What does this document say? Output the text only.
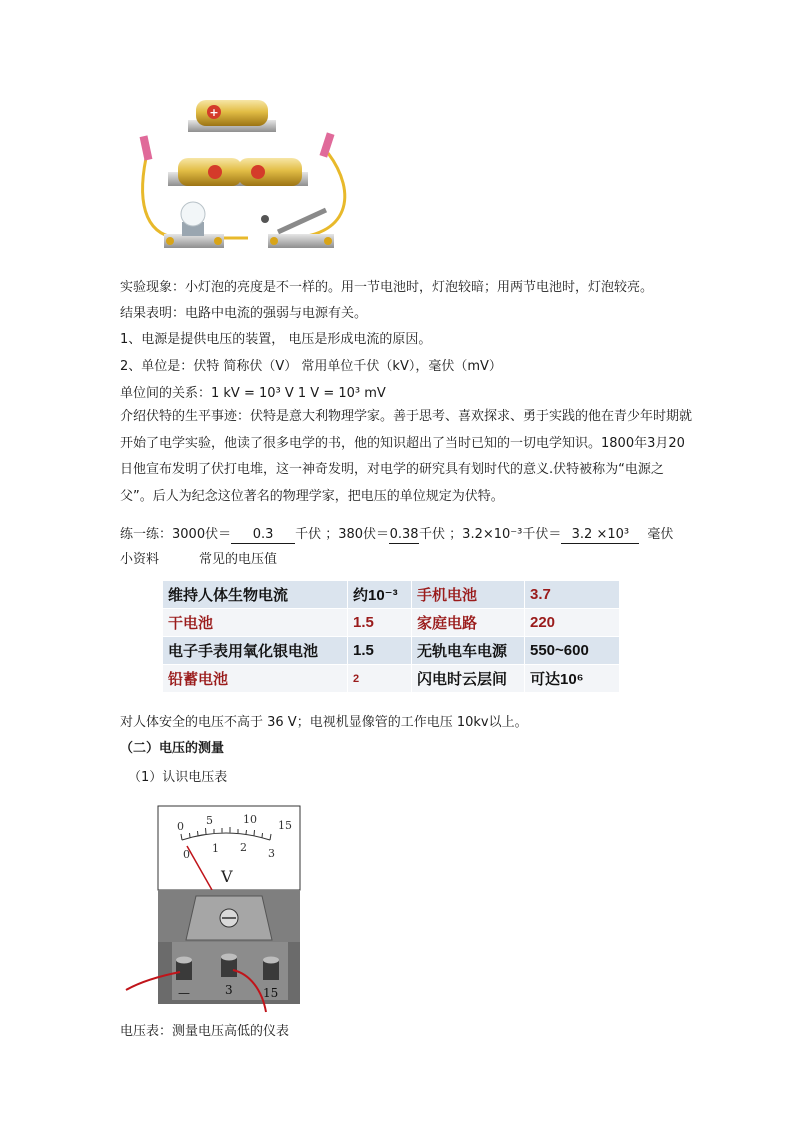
+
实验现象：小灯泡的亮度是不一样的。用一节电池时，灯泡较暗；用两节电池时，灯泡较亮。
结果表明：电路中电流的强弱与电源有关。
1、电源是提供电压的装置， 电压是形成电流的原因。
2、单位是：伏特 简称伏（V） 常用单位千伏（kV），毫伏（mV）
单位间的关系：1 kV = 10³ V 1 V = 10³ mV
介绍伏特的生平事迹：伏特是意大利物理学家。善于思考、喜欢探求、勇于实践的他在青少年时期就开始了电学实验，他读了很多电学的书，他的知识超出了当时已知的一切电学知识。1800年3月20日他宣布发明了伏打电堆，这一神奇发明，对电学的研究具有划时代的意义.伏特被称为“电源之父”。后人为纪念这位著名的物理学家，把电压的单位规定为伏特。
练一练：3000伏＝ 0.3 千伏 ；380伏＝0.38千伏 ；3.2×10⁻³千伏＝ 3.2 ×10³ 毫伏
小资料	常见的电压值
维持人体生物电流	约10⁻³	手机电池	3.7
干电池	1.5	家庭电路	220
电子手表用氧化银电池	1.5	无轨电车电源	550~600
铅蓄电池	2	闪电时云层间	可达10⁶
对人体安全的电压不高于 36 V；电视机显像管的工作电压 10kv以上。
（二）电压的测量
（1）认识电压表
0 5	10 15
0 1 2 3
V
—	3	15
电压表：测量电压高低的仪表
